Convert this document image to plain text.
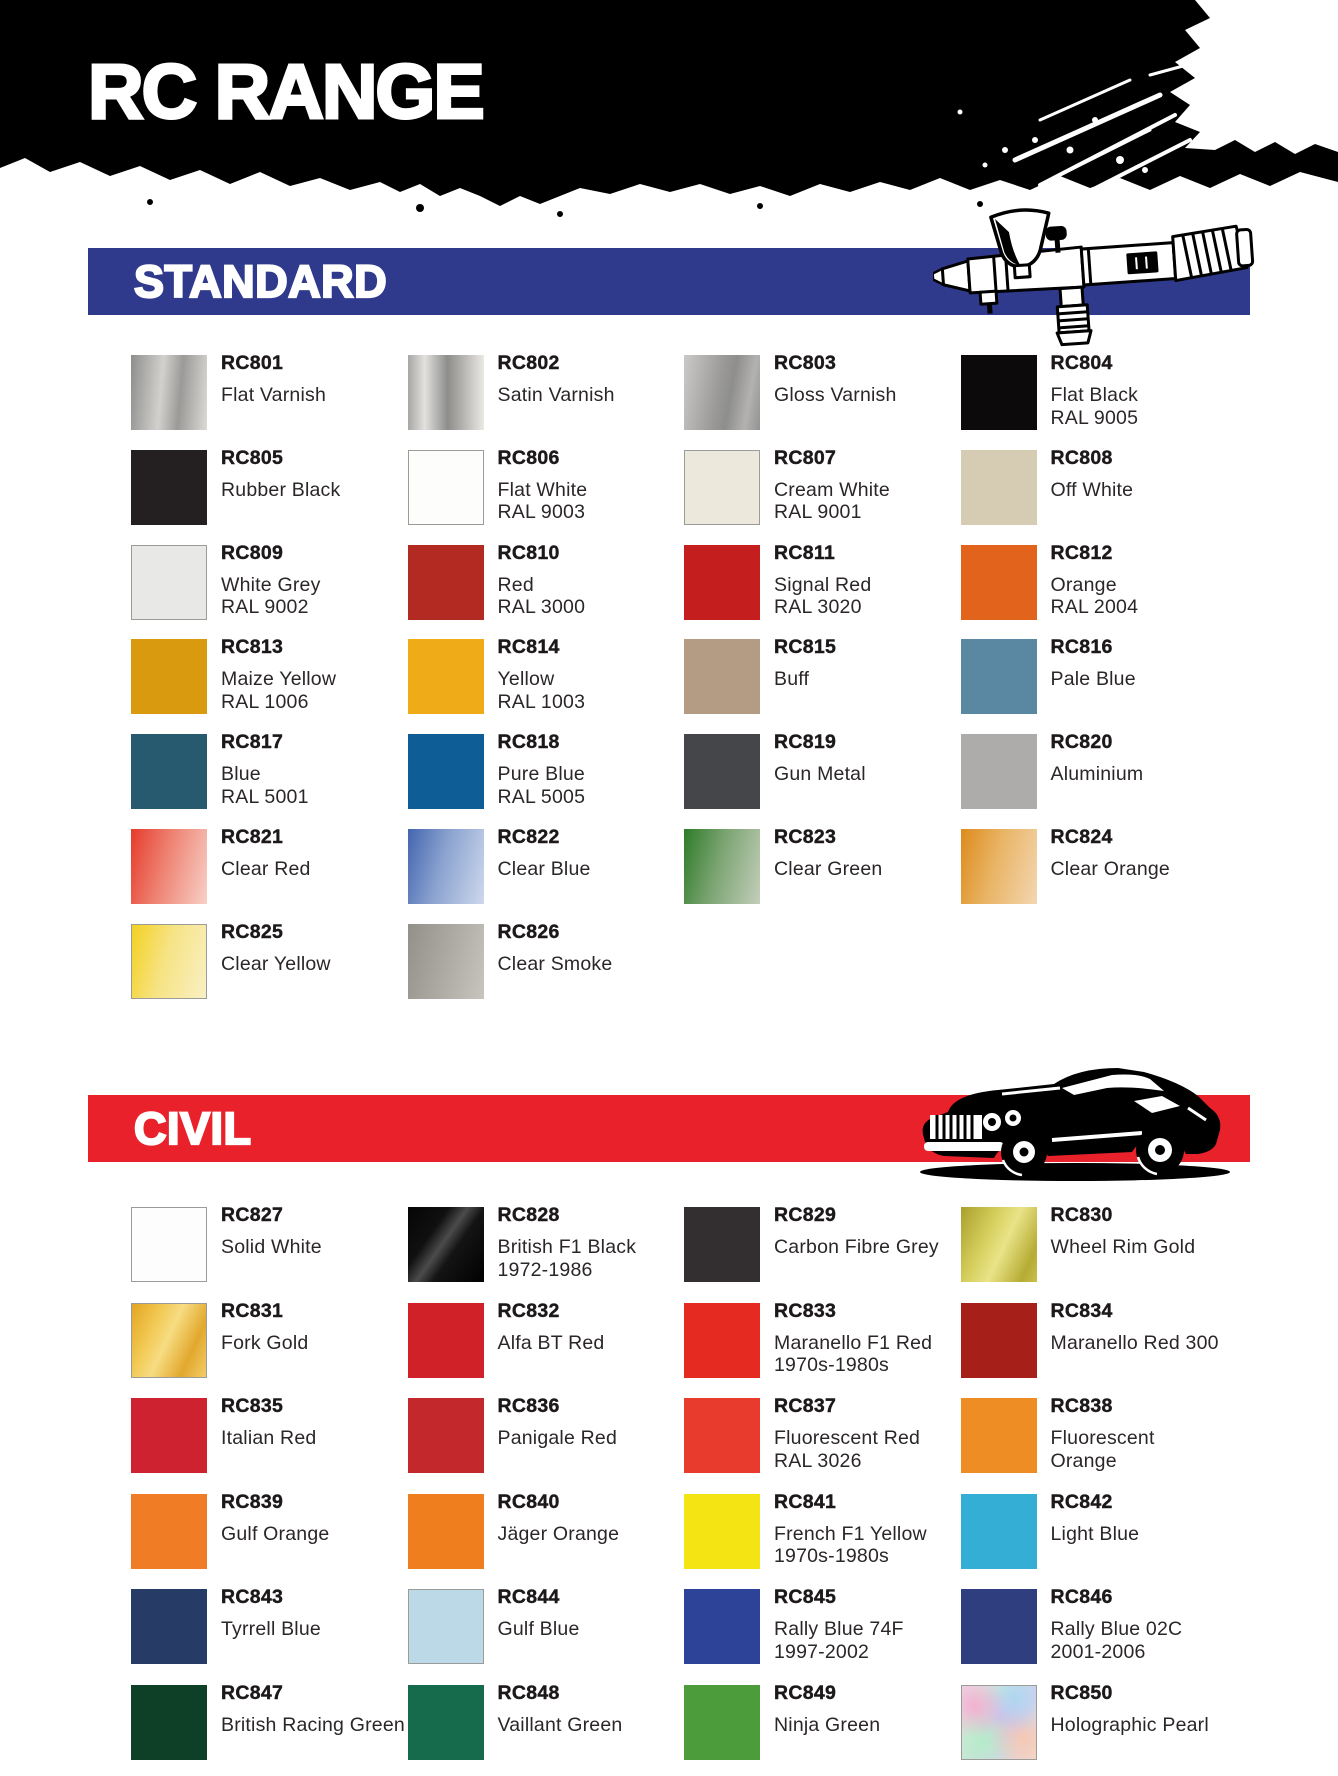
RC RANGE
STANDARD
RC801
Flat Varnish
RC802
Satin Varnish
RC803
Gloss Varnish
RC804
Flat Black
RAL 9005
RC805
Rubber Black
RC806
Flat White
RAL 9003
RC807
Cream White
RAL 9001
RC808
Off White
RC809
White Grey
RAL 9002
RC810
Red
RAL 3000
RC811
Signal Red
RAL 3020
RC812
Orange
RAL 2004
RC813
Maize Yellow
RAL 1006
RC814
Yellow
RAL 1003
RC815
Buff
RC816
Pale Blue
RC817
Blue
RAL 5001
RC818
Pure Blue
RAL 5005
RC819
Gun Metal
RC820
Aluminium
RC821
Clear Red
RC822
Clear Blue
RC823
Clear Green
RC824
Clear Orange
RC825
Clear Yellow
RC826
Clear Smoke
CIVIL
RC827
Solid White
RC828
British F1 Black
1972-1986
RC829
Carbon Fibre Grey
RC830
Wheel Rim Gold
RC831
Fork Gold
RC832
Alfa BT Red
RC833
Maranello F1 Red
1970s-1980s
RC834
Maranello Red 300
RC835
Italian Red
RC836
Panigale Red
RC837
Fluorescent Red
RAL 3026
RC838
Fluorescent
Orange
RC839
Gulf Orange
RC840
Jäger Orange
RC841
French F1 Yellow
1970s-1980s
RC842
Light Blue
RC843
Tyrrell Blue
RC844
Gulf Blue
RC845
Rally Blue 74F
1997-2002
RC846
Rally Blue 02C
2001-2006
RC847
British Racing Green
RC848
Vaillant Green
RC849
Ninja Green
RC850
Holographic Pearl
